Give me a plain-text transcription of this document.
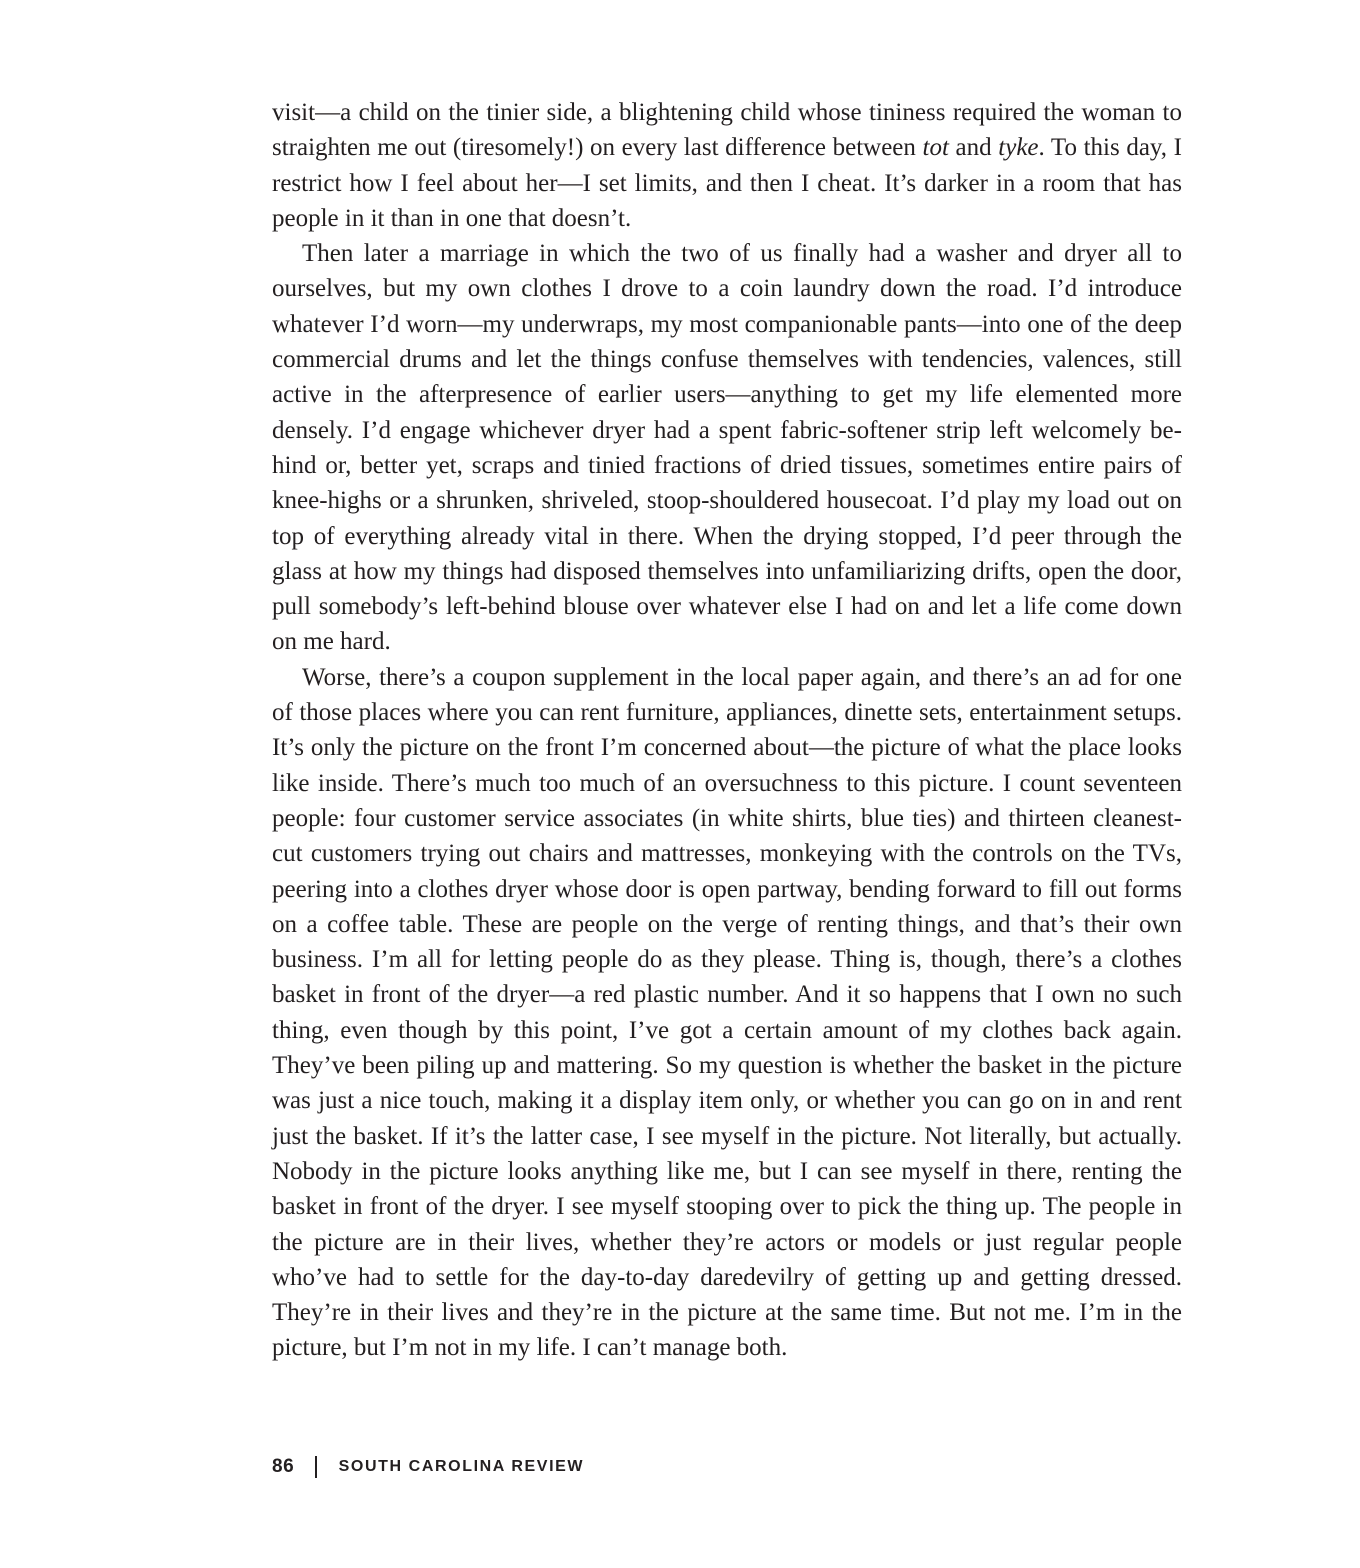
visit—a child on the tinier side, a blightening child whose tininess required the woman to straighten me out (tiresomely!) on every last difference between tot and tyke. To this day, I restrict how I feel about her—I set limits, and then I cheat. It’s darker in a room that has people in it than in one that doesn’t.

Then later a marriage in which the two of us finally had a washer and dryer all to ourselves, but my own clothes I drove to a coin laundry down the road. I’d introduce whatever I’d worn—my underwraps, my most companionable pants—into one of the deep commercial drums and let the things confuse themselves with tendencies, valences, still active in the afterpresence of earlier users—anything to get my life elemented more densely. I’d engage whichever dryer had a spent fabric-softener strip left welcomely behind or, better yet, scraps and tinied fractions of dried tissues, sometimes entire pairs of knee-highs or a shrunken, shriveled, stoop-shouldered housecoat. I’d play my load out on top of everything already vital in there. When the drying stopped, I’d peer through the glass at how my things had disposed themselves into unfamiliarizing drifts, open the door, pull somebody’s left-behind blouse over whatever else I had on and let a life come down on me hard.

Worse, there’s a coupon supplement in the local paper again, and there’s an ad for one of those places where you can rent furniture, appliances, dinette sets, entertainment setups. It’s only the picture on the front I’m concerned about—the picture of what the place looks like inside. There’s much too much of an oversuchness to this picture. I count seventeen people: four customer service associates (in white shirts, blue ties) and thirteen cleanest-cut customers trying out chairs and mattresses, monkeying with the controls on the TVs, peering into a clothes dryer whose door is open partway, bending forward to fill out forms on a coffee table. These are people on the verge of renting things, and that’s their own business. I’m all for letting people do as they please. Thing is, though, there’s a clothes basket in front of the dryer—a red plastic number. And it so happens that I own no such thing, even though by this point, I’ve got a certain amount of my clothes back again. They’ve been piling up and mattering. So my question is whether the basket in the picture was just a nice touch, making it a display item only, or whether you can go on in and rent just the basket. If it’s the latter case, I see myself in the picture. Not literally, but actually. Nobody in the picture looks anything like me, but I can see myself in there, renting the basket in front of the dryer. I see myself stooping over to pick the thing up. The people in the picture are in their lives, whether they’re actors or models or just regular people who’ve had to settle for the day-to-day daredevilry of getting up and getting dressed. They’re in their lives and they’re in the picture at the same time. But not me. I’m in the picture, but I’m not in my life. I can’t manage both.

86	SOUTH CAROLINA REVIEW
